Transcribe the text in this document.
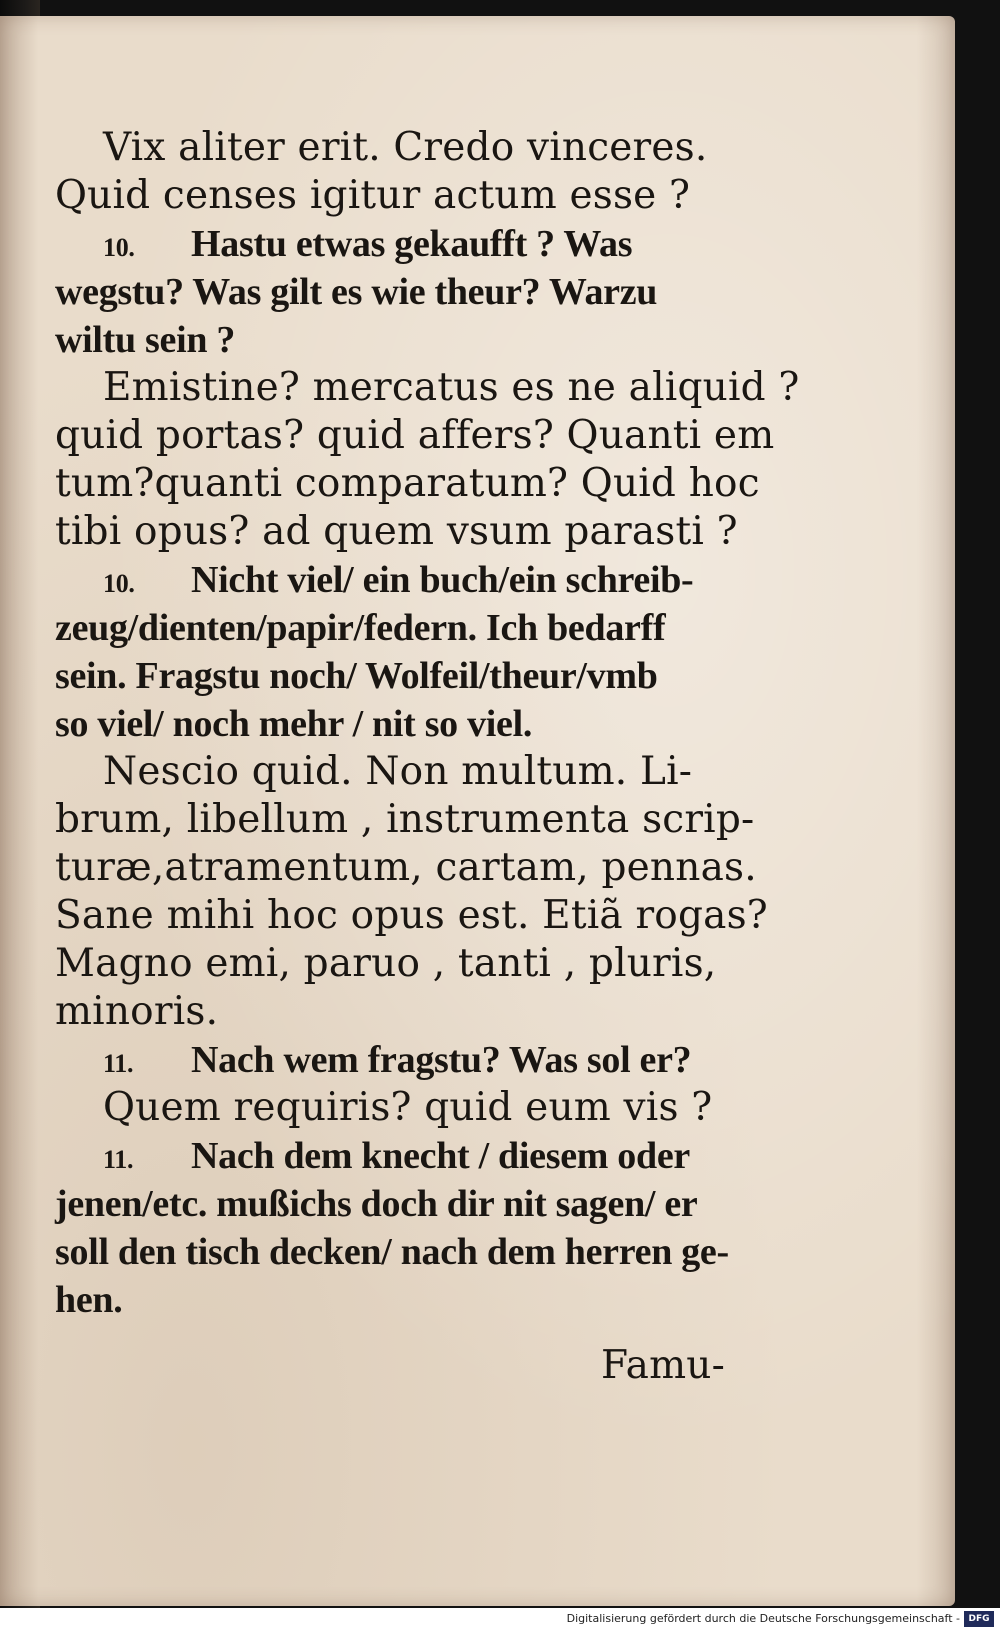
Vix aliter erit. Credo vinceres.
Quid censes igitur actum esse ?
10. Hastu etwas gekaufft ? Was
wegstu? Was gilt es wie theur? Warzu
wiltu sein ?
Emistine? mercatus es ne aliquid ?
quid portas? quid affers? Quanti em
tum?quanti comparatum? Quid hoc
tibi opus? ad quem vsum parasti ?
10. Nicht viel/ ein buch/ein schreib-
zeug/dienten/papir/federn. Ich bedarff
sein. Fragstu noch/ Wolfeil/theur/vmb
so viel/ noch mehr / nit so viel.
Nescio quid. Non multum. Li-
brum, libellum , instrumenta scrip-
turæ,atramentum, cartam, pennas.
Sane mihi hoc opus est. Etiã rogas?
Magno emi, paruo , tanti , pluris,
minoris.
11. Nach wem fragstu? Was sol er?
Quem requiris? quid eum vis ?
11. Nach dem knecht / diesem oder
jenen/etc. mußichs doch dir nit sagen/ er
soll den tisch decken/ nach dem herren ge-
hen.
Famu-
Digitalisierung gefördert durch die Deutsche Forschungsgemeinschaft - DFG
